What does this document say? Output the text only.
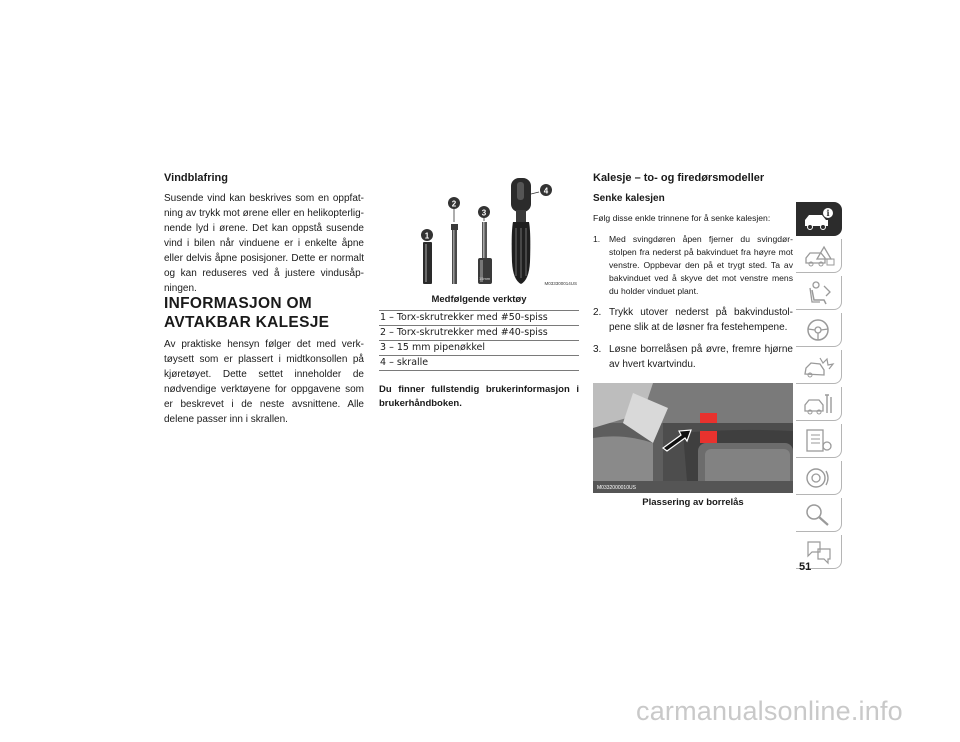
Vindblafring

Susende vind kan beskrives som en oppfatning av trykk mot ørene eller en helikopterlignende lyd i ørene. Det kan oppstå susende vind i bilen når vinduene er i enkelte åpne eller delvis åpne posisjoner. Dette er normalt og kan reduseres ved å justere vindusåpningen.

INFORMASJON OM

AVTAKBAR KALESJE

Av praktiske hensyn følger det med verktøysett som er plassert i midtkonsollen på kjøretøyet. Dette settet inneholder de nødvendige verktøyene for oppgavene som er beskrevet i de neste avsnittene. Alle delene passer inn i skrallen.

15mm
1
2
3
4
M033300014US
Medfølgende verktøy
1 – Torx-skrutrekker med #50-spiss
2 – Torx-skrutrekker med #40-spiss
3 – 15 mm pipenøkkel
4 – skralle

Du finner fullstendig brukerinformasjon i brukerhåndboken.

Kalesje – to- og firedørsmodeller
Senke kalesjen
Følg disse enkle trinnene for å senke kalesjen:

1. Med svingdøren åpen fjerner du svingdørstolpen fra nederst på bakvinduet fra høyre mot venstre. Oppbevar den på et trygt sted. Ta av bakvinduet ved å skyve det mot venstre mens du holder vinduet plant.

2. Trykk utover nederst på bakvindustolpene slik at de løsner fra festehempene.

3. Løsne borrelåsen på øvre, fremre hjørne av hvert kvartvindu.

M0332000010US
Plassering av borrelås
i
51
carmanualsonline.info
